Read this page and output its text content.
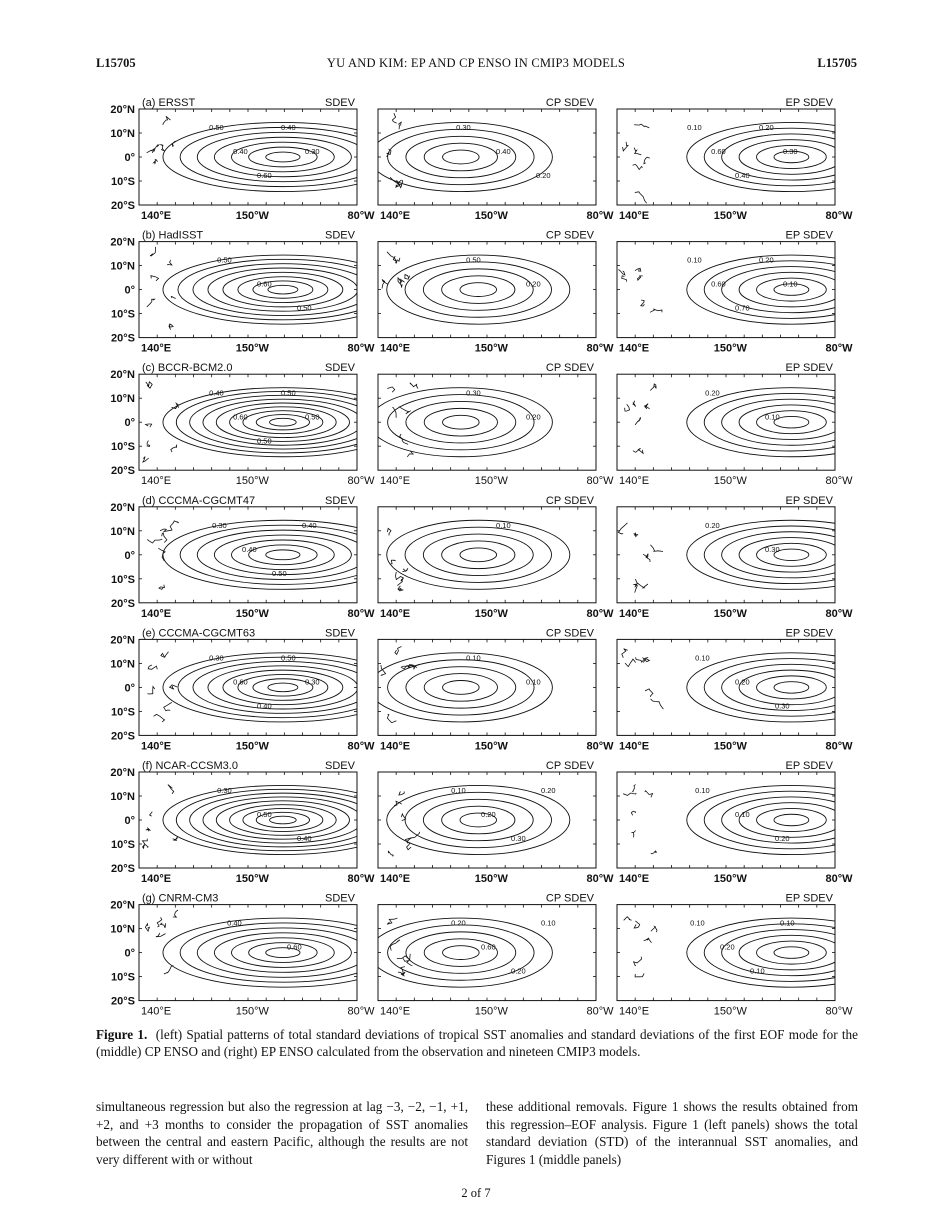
L15705	YU AND KIM: EP AND CP ENSO IN CMIP3 MODELS	L15705
20°N
10°N
0°
10°S
20°S
SDEV
0.50
0.40
0.60
0.40
0.30
140°E	150°W	80°W
CP SDEV
0.30
0.40
0.20
140°E	150°W	80°W
EP SDEV
0.10
0.60
0.40
0.20
0.30
140°E	150°W	80°W
(a) ERSST
20°N
10°N
0°
10°S
20°S
SDEV
0.50
0.60
0.50
140°E	150°W	80°W
CP SDEV
0.50
0.20
140°E	150°W	80°W
EP SDEV
0.10
0.60
0.70
0.20
0.10
140°E	150°W	80°W
(b) HadISST
20°N
10°N
0°
10°S
20°S
SDEV
0.40
0.60
0.50
0.50
0.50
140°E	150°W	80°W
CP SDEV
0.30
0.20
140°E	150°W	80°W
EP SDEV
0.20
0.10
140°E	150°W	80°W
(c) BCCR-BCM2.0
20°N
10°N
0°
10°S
20°S
SDEV
0.30
0.40
0.50
0.40
140°E	150°W	80°W
CP SDEV
0.10
140°E	150°W	80°W
EP SDEV
0.20
0.30
140°E	150°W	80°W
(d) CCCMA-CGCMT47
20°N
10°N
0°
10°S
20°S
SDEV
0.30
0.60
0.40
0.50
0.30
140°E	150°W	80°W
CP SDEV
0.10
0.10
140°E	150°W	80°W
EP SDEV
0.10
0.20
0.30
140°E	150°W	80°W
(e) CCCMA-CGCMT63
20°N
10°N
0°
10°S
20°S
SDEV
0.30
0.50
0.40
140°E	150°W	80°W
CP SDEV
0.10
0.20
0.30
0.20
140°E	150°W	80°W
EP SDEV
0.10
0.10
0.20
140°E	150°W	80°W
(f) NCAR-CCSM3.0
20°N
10°N
0°
10°S
20°S
SDEV
0.40
0.60
140°E	150°W	80°W
CP SDEV
0.20
0.60
0.20
0.10
140°E	150°W	80°W
EP SDEV
0.10
0.20
0.10
0.10
140°E	150°W	80°W
(g) CNRM-CM3
Figure 1. (left) Spatial patterns of total standard deviations of tropical SST anomalies and standard deviations of the first EOF mode for the (middle) CP ENSO and (right) EP ENSO calculated from the observation and nineteen CMIP3 models.
simultaneous regression but also the regression at lag −3, −2, −1, +1, +2, and +3 months to consider the propagation of SST anomalies between the central and eastern Pacific, although the results are not very different with or without
these additional removals. Figure 1 shows the results obtained from this regression–EOF analysis. Figure 1 (left panels) shows the total standard deviation (STD) of the interannual SST anomalies, and Figures 1 (middle panels)
2 of 7
